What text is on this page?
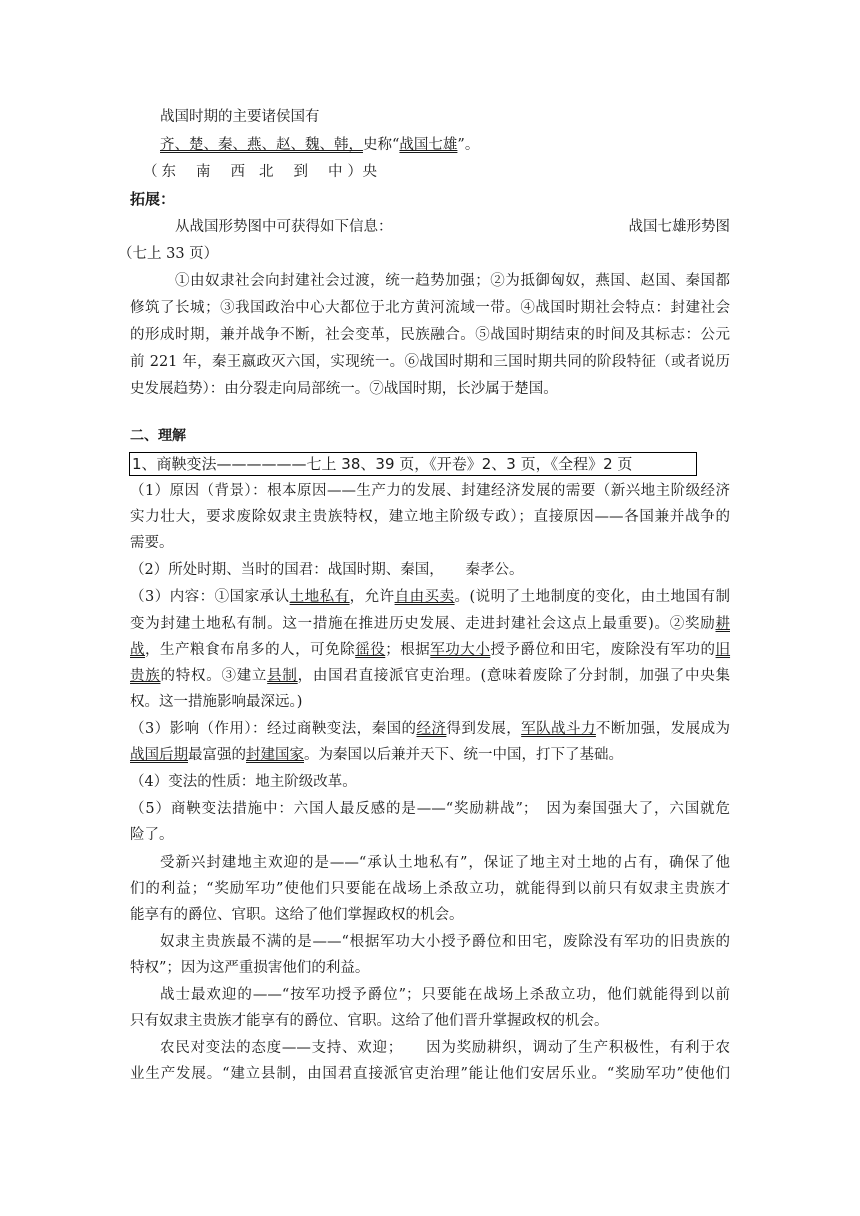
战国时期的主要诸侯国有
齐、楚、秦、燕、赵、魏、韩，史称“战国七雄”。
（ 东 南 西 北 到 中 央）
拓展：
从战国形势图中可获得如下信息：	战国七雄形势图
（七上 33 页）
①由奴隶社会向封建社会过渡，统一趋势加强；②为抵御匈奴，燕国、赵国、秦国都
修筑了长城；③我国政治中心大都位于北方黄河流域一带。④战国时期社会特点：封建社会
的形成时期，兼并战争不断，社会变革，民族融合。⑤战国时期结束的时间及其标志：公元
前 221 年，秦王嬴政灭六国，实现统一。⑥战国时期和三国时期共同的阶段特征（或者说历
史发展趋势）：由分裂走向局部统一。⑦战国时期，长沙属于楚国。
二、理解
1、商鞅变法——————七上 38、39 页，《开卷》2、3 页，《全程》2 页
（1）原因（背景）：根本原因——生产力的发展、封建经济发展的需要（新兴地主阶级经济
实力壮大，要求废除奴隶主贵族特权，建立地主阶级专政）；直接原因——各国兼并战争的
需要。
（2）所处时期、当时的国君：战国时期、秦国，　　秦孝公。
（3）内容：①国家承认土地私有，允许自由买卖。(说明了土地制度的变化，由土地国有制
变为封建土地私有制。这一措施在推进历史发展、走进封建社会这点上最重要)。②奖励耕
战，生产粮食布帛多的人，可免除徭役；根据军功大小授予爵位和田宅，废除没有军功的旧
贵族的特权。③建立县制，由国君直接派官吏治理。(意味着废除了分封制，加强了中央集
权。这一措施影响最深远。)
（3）影响（作用）：经过商鞅变法，秦国的经济得到发展，军队战斗力不断加强，发展成为
战国后期最富强的封建国家。为秦国以后兼并天下、统一中国，打下了基础。
（4）变法的性质：地主阶级改革。
（5）商鞅变法措施中：六国人最反感的是——“奖励耕战”；　因为秦国强大了，六国就危
险了。
受新兴封建地主欢迎的是——“承认土地私有”，保证了地主对土地的占有，确保了他
们的利益；“奖励军功”使他们只要能在战场上杀敌立功，就能得到以前只有奴隶主贵族才
能享有的爵位、官职。这给了他们掌握政权的机会。
奴隶主贵族最不满的是——“根据军功大小授予爵位和田宅，废除没有军功的旧贵族的
特权”；因为这严重损害他们的利益。
战士最欢迎的——“按军功授予爵位”；只要能在战场上杀敌立功，他们就能得到以前
只有奴隶主贵族才能享有的爵位、官职。这给了他们晋升掌握政权的机会。
农民对变法的态度——支持、欢迎；　　因为奖励耕织，调动了生产积极性，有利于农
业生产发展。“建立县制，由国君直接派官吏治理”能让他们安居乐业。“奖励军功”使他们
